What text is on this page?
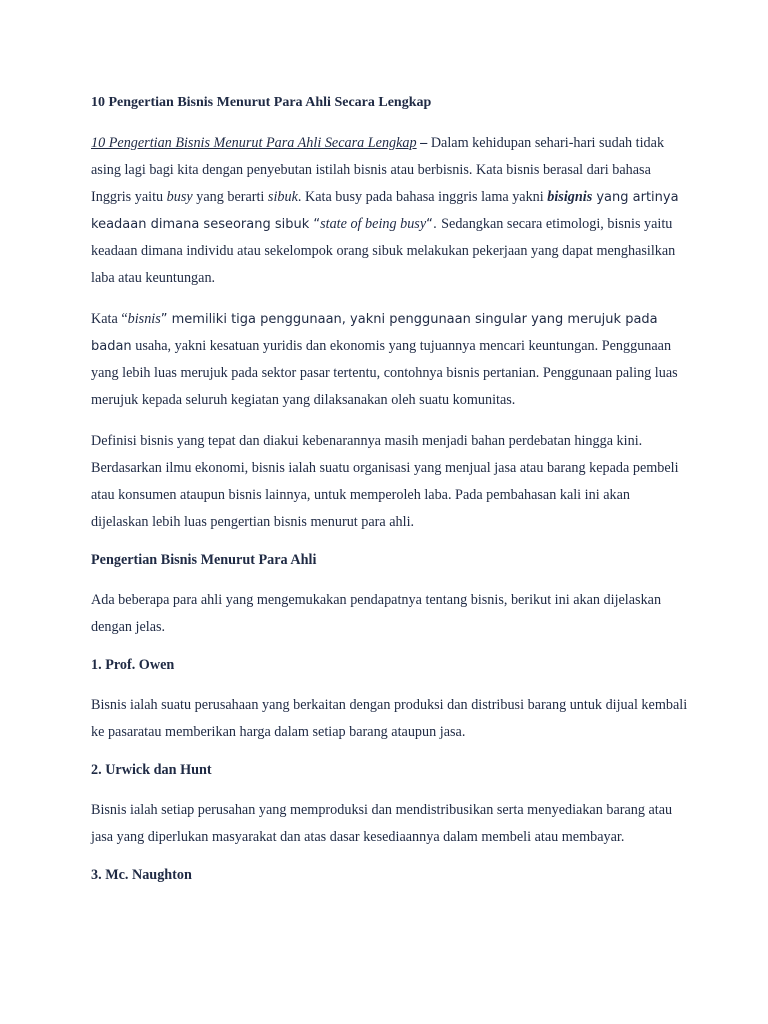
10 Pengertian Bisnis Menurut Para Ahli Secara Lengkap

10 Pengertian Bisnis Menurut Para Ahli Secara Lengkap – Dalam kehidupan sehari-hari sudah tidak asing lagi bagi kita dengan penyebutan istilah bisnis atau berbisnis. Kata bisnis berasal dari bahasa Inggris yaitu busy yang berarti sibuk. Kata busy pada bahasa inggris lama yakni bisignis yang artinya keadaan dimana seseorang sibuk “state of being busy“. Sedangkan secara etimologi, bisnis yaitu keadaan dimana individu atau sekelompok orang sibuk melakukan pekerjaan yang dapat menghasilkan laba atau keuntungan.

Kata “bisnis” memiliki tiga penggunaan, yakni penggunaan singular yang merujuk pada badan usaha, yakni kesatuan yuridis dan ekonomis yang tujuannya mencari keuntungan. Penggunaan yang lebih luas merujuk pada sektor pasar tertentu, contohnya bisnis pertanian. Penggunaan paling luas merujuk kepada seluruh kegiatan yang dilaksanakan oleh suatu komunitas.

Definisi bisnis yang tepat dan diakui kebenarannya masih menjadi bahan perdebatan hingga kini. Berdasarkan ilmu ekonomi, bisnis ialah suatu organisasi yang menjual jasa atau barang kepada pembeli atau konsumen ataupun bisnis lainnya, untuk memperoleh laba. Pada pembahasan kali ini akan dijelaskan lebih luas pengertian bisnis menurut para ahli.

Pengertian Bisnis Menurut Para Ahli

Ada beberapa para ahli yang mengemukakan pendapatnya tentang bisnis, berikut ini akan dijelaskan dengan jelas.

1. Prof. Owen

Bisnis ialah suatu perusahaan yang berkaitan dengan produksi dan distribusi barang untuk dijual kembali ke pasaratau memberikan harga dalam setiap barang ataupun jasa.

2. Urwick dan Hunt

Bisnis ialah setiap perusahan yang memproduksi dan mendistribusikan serta menyediakan barang atau jasa yang diperlukan masyarakat dan atas dasar kesediaannya dalam membeli atau membayar.

3. Mc. Naughton
